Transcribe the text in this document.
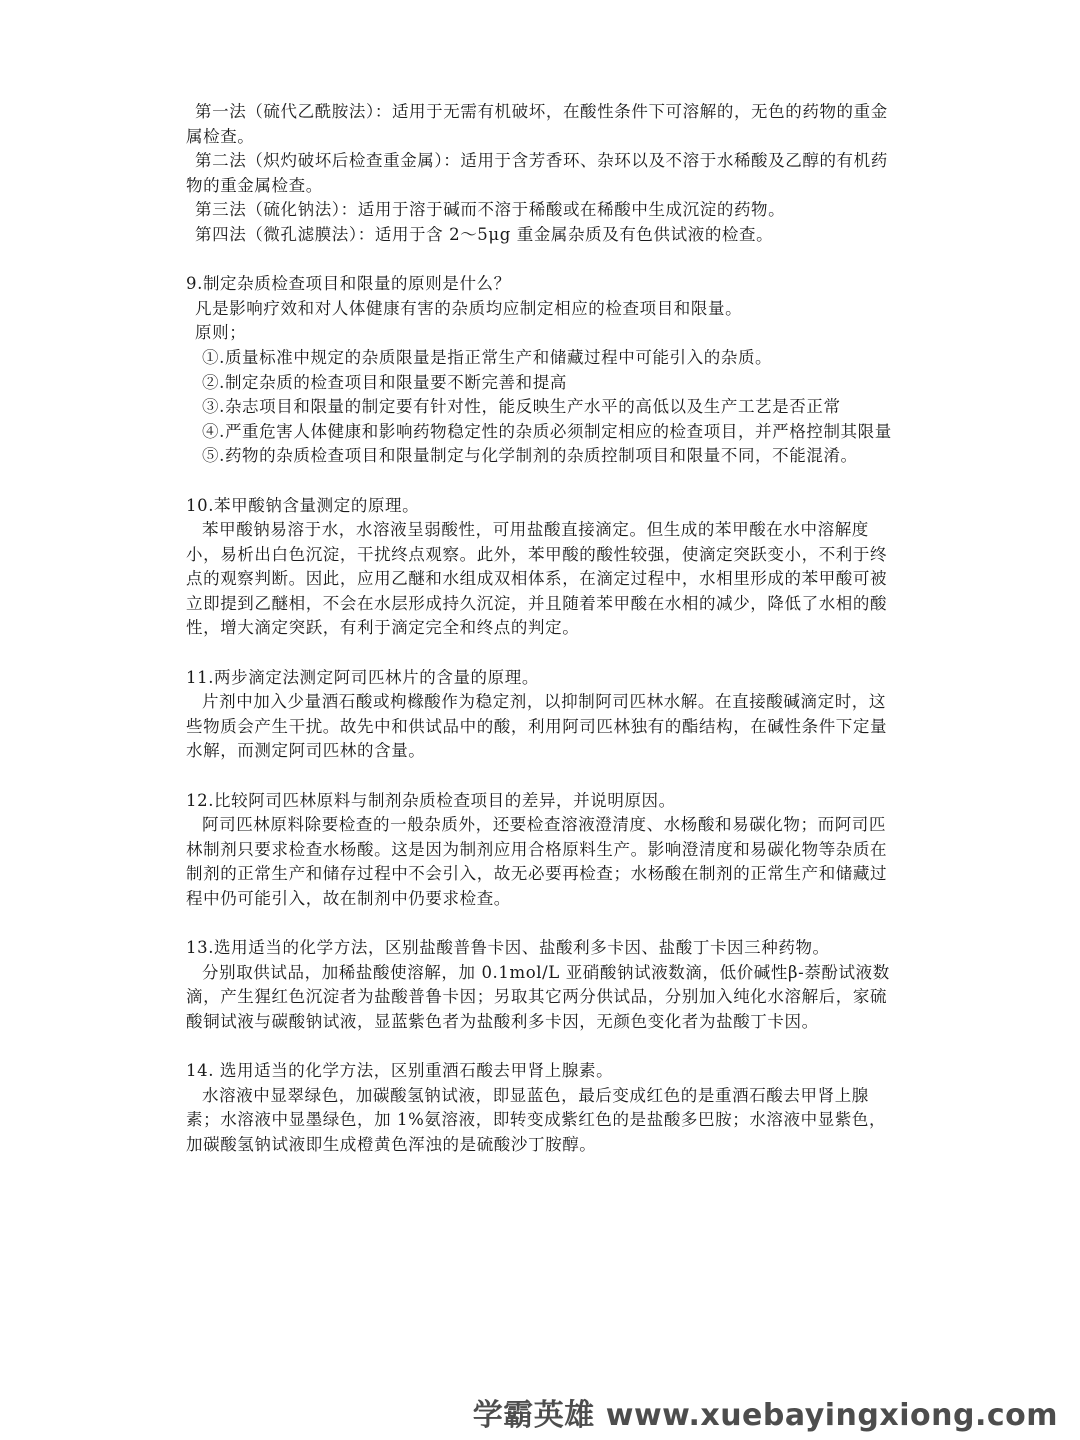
第一法（硫代乙酰胺法）：适用于无需有机破坏，在酸性条件下可溶解的，无色的药物的重金属检查。

第二法（炽灼破坏后检查重金属）：适用于含芳香环、杂环以及不溶于水稀酸及乙醇的有机药物的重金属检查。

第三法（硫化钠法）：适用于溶于碱而不溶于稀酸或在稀酸中生成沉淀的药物。

第四法（微孔滤膜法）：适用于含 2～5μg 重金属杂质及有色供试液的检查。

9.制定杂质检查项目和限量的原则是什么？

凡是影响疗效和对人体健康有害的杂质均应制定相应的检查项目和限量。

原则；

①.质量标准中规定的杂质限量是指正常生产和储藏过程中可能引入的杂质。

②.制定杂质的检查项目和限量要不断完善和提高

③.杂志项目和限量的制定要有针对性，能反映生产水平的高低以及生产工艺是否正常

④.严重危害人体健康和影响药物稳定性的杂质必须制定相应的检查项目，并严格控制其限量

⑤.药物的杂质检查项目和限量制定与化学制剂的杂质控制项目和限量不同，不能混淆。

10.苯甲酸钠含量测定的原理。

苯甲酸钠易溶于水，水溶液呈弱酸性，可用盐酸直接滴定。但生成的苯甲酸在水中溶解度小，易析出白色沉淀，干扰终点观察。此外，苯甲酸的酸性较强，使滴定突跃变小，不利于终点的观察判断。因此，应用乙醚和水组成双相体系，在滴定过程中，水相里形成的苯甲酸可被立即提到乙醚相，不会在水层形成持久沉淀，并且随着苯甲酸在水相的减少，降低了水相的酸性，增大滴定突跃，有利于滴定完全和终点的判定。

11.两步滴定法测定阿司匹林片的含量的原理。

片剂中加入少量酒石酸或枸橼酸作为稳定剂，以抑制阿司匹林水解。在直接酸碱滴定时，这些物质会产生干扰。故先中和供试品中的酸，利用阿司匹林独有的酯结构，在碱性条件下定量水解，而测定阿司匹林的含量。

12.比较阿司匹林原料与制剂杂质检查项目的差异，并说明原因。

阿司匹林原料除要检查的一般杂质外，还要检查溶液澄清度、水杨酸和易碳化物；而阿司匹林制剂只要求检查水杨酸。这是因为制剂应用合格原料生产。影响澄清度和易碳化物等杂质在制剂的正常生产和储存过程中不会引入，故无必要再检查；水杨酸在制剂的正常生产和储藏过程中仍可能引入，故在制剂中仍要求检查。

13.选用适当的化学方法，区别盐酸普鲁卡因、盐酸利多卡因、盐酸丁卡因三种药物。

分别取供试品，加稀盐酸使溶解，加 0.1mol/L 亚硝酸钠试液数滴，低价碱性β-萘酚试液数滴，产生猩红色沉淀者为盐酸普鲁卡因；另取其它两分供试品，分别加入纯化水溶解后，家硫酸铜试液与碳酸钠试液，显蓝紫色者为盐酸利多卡因，无颜色变化者为盐酸丁卡因。

14. 选用适当的化学方法，区别重酒石酸去甲肾上腺素。

水溶液中显翠绿色，加碳酸氢钠试液，即显蓝色，最后变成红色的是重酒石酸去甲肾上腺素；水溶液中显墨绿色，加 1%氨溶液，即转变成紫红色的是盐酸多巴胺；水溶液中显紫色，加碳酸氢钠试液即生成橙黄色浑浊的是硫酸沙丁胺醇。

学霸英雄 www.xuebayingxiong.com
